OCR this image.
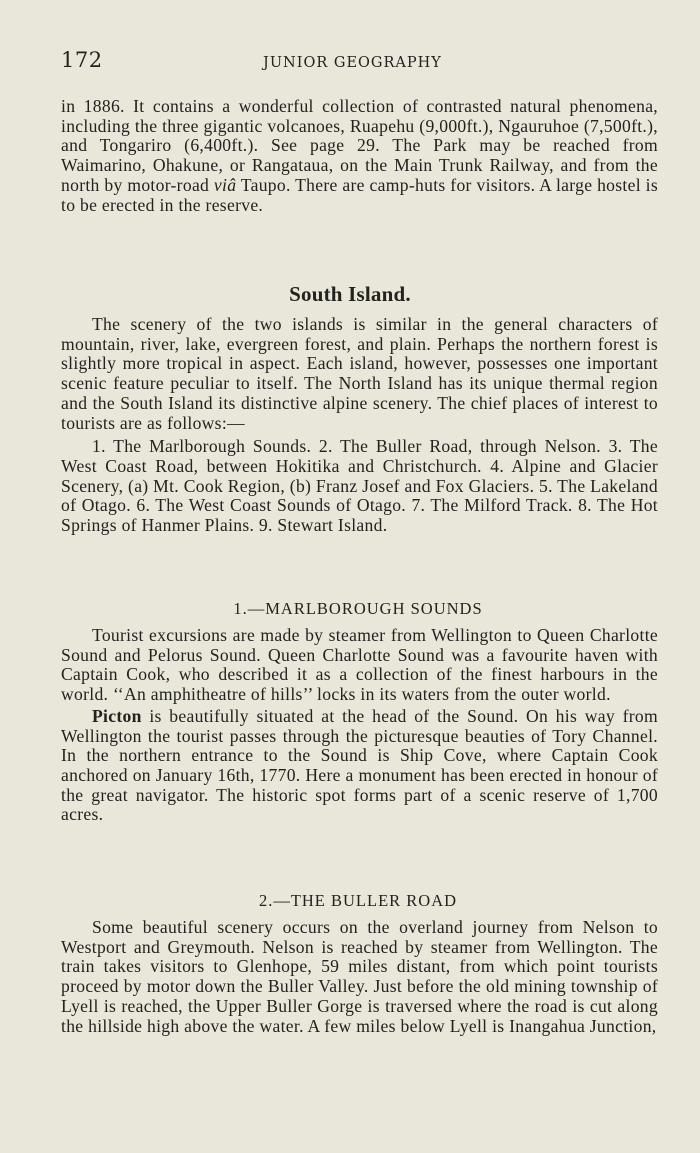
172	JUNIOR GEOGRAPHY

in 1886. It contains a wonderful collection of contrasted natural phenomena, including the three gigantic volcanoes, Ruapehu (9,000ft.), Ngauruhoe (7,500ft.), and Tongariro (6,400ft.). See page 29. The Park may be reached from Waimarino, Ohakune, or Rangataua, on the Main Trunk Railway, and from the north by motor-road viâ Taupo. There are camp-huts for visitors. A large hostel is to be erected in the reserve.

South Island.

The scenery of the two islands is similar in the general characters of mountain, river, lake, evergreen forest, and plain. Perhaps the northern forest is slightly more tropical in aspect. Each island, however, possesses one important scenic feature peculiar to itself. The North Island has its unique thermal region and the South Island its distinctive alpine scenery. The chief places of interest to tourists are as follows:—

1. The Marlborough Sounds. 2. The Buller Road, through Nelson. 3. The West Coast Road, between Hokitika and Christchurch. 4. Alpine and Glacier Scenery, (a) Mt. Cook Region, (b) Franz Josef and Fox Glaciers. 5. The Lakeland of Otago. 6. The West Coast Sounds of Otago. 7. The Milford Track. 8. The Hot Springs of Hanmer Plains. 9. Stewart Island.

1.—MARLBOROUGH SOUNDS

Tourist excursions are made by steamer from Wellington to Queen Charlotte Sound and Pelorus Sound. Queen Charlotte Sound was a favourite haven with Captain Cook, who described it as a collection of the finest harbours in the world. ‘‘An amphitheatre of hills’’ locks in its waters from the outer world.

Picton is beautifully situated at the head of the Sound. On his way from Wellington the tourist passes through the picturesque beauties of Tory Channel. In the northern entrance to the Sound is Ship Cove, where Captain Cook anchored on January 16th, 1770. Here a monument has been erected in honour of the great navigator. The historic spot forms part of a scenic reserve of 1,700 acres.

2.—THE BULLER ROAD

Some beautiful scenery occurs on the overland journey from Nelson to Westport and Greymouth. Nelson is reached by steamer from Wellington. The train takes visitors to Glenhope, 59 miles distant, from which point tourists proceed by motor down the Buller Valley. Just before the old mining township of Lyell is reached, the Upper Buller Gorge is traversed where the road is cut along the hillside high above the water. A few miles below Lyell is Inangahua Junction,
